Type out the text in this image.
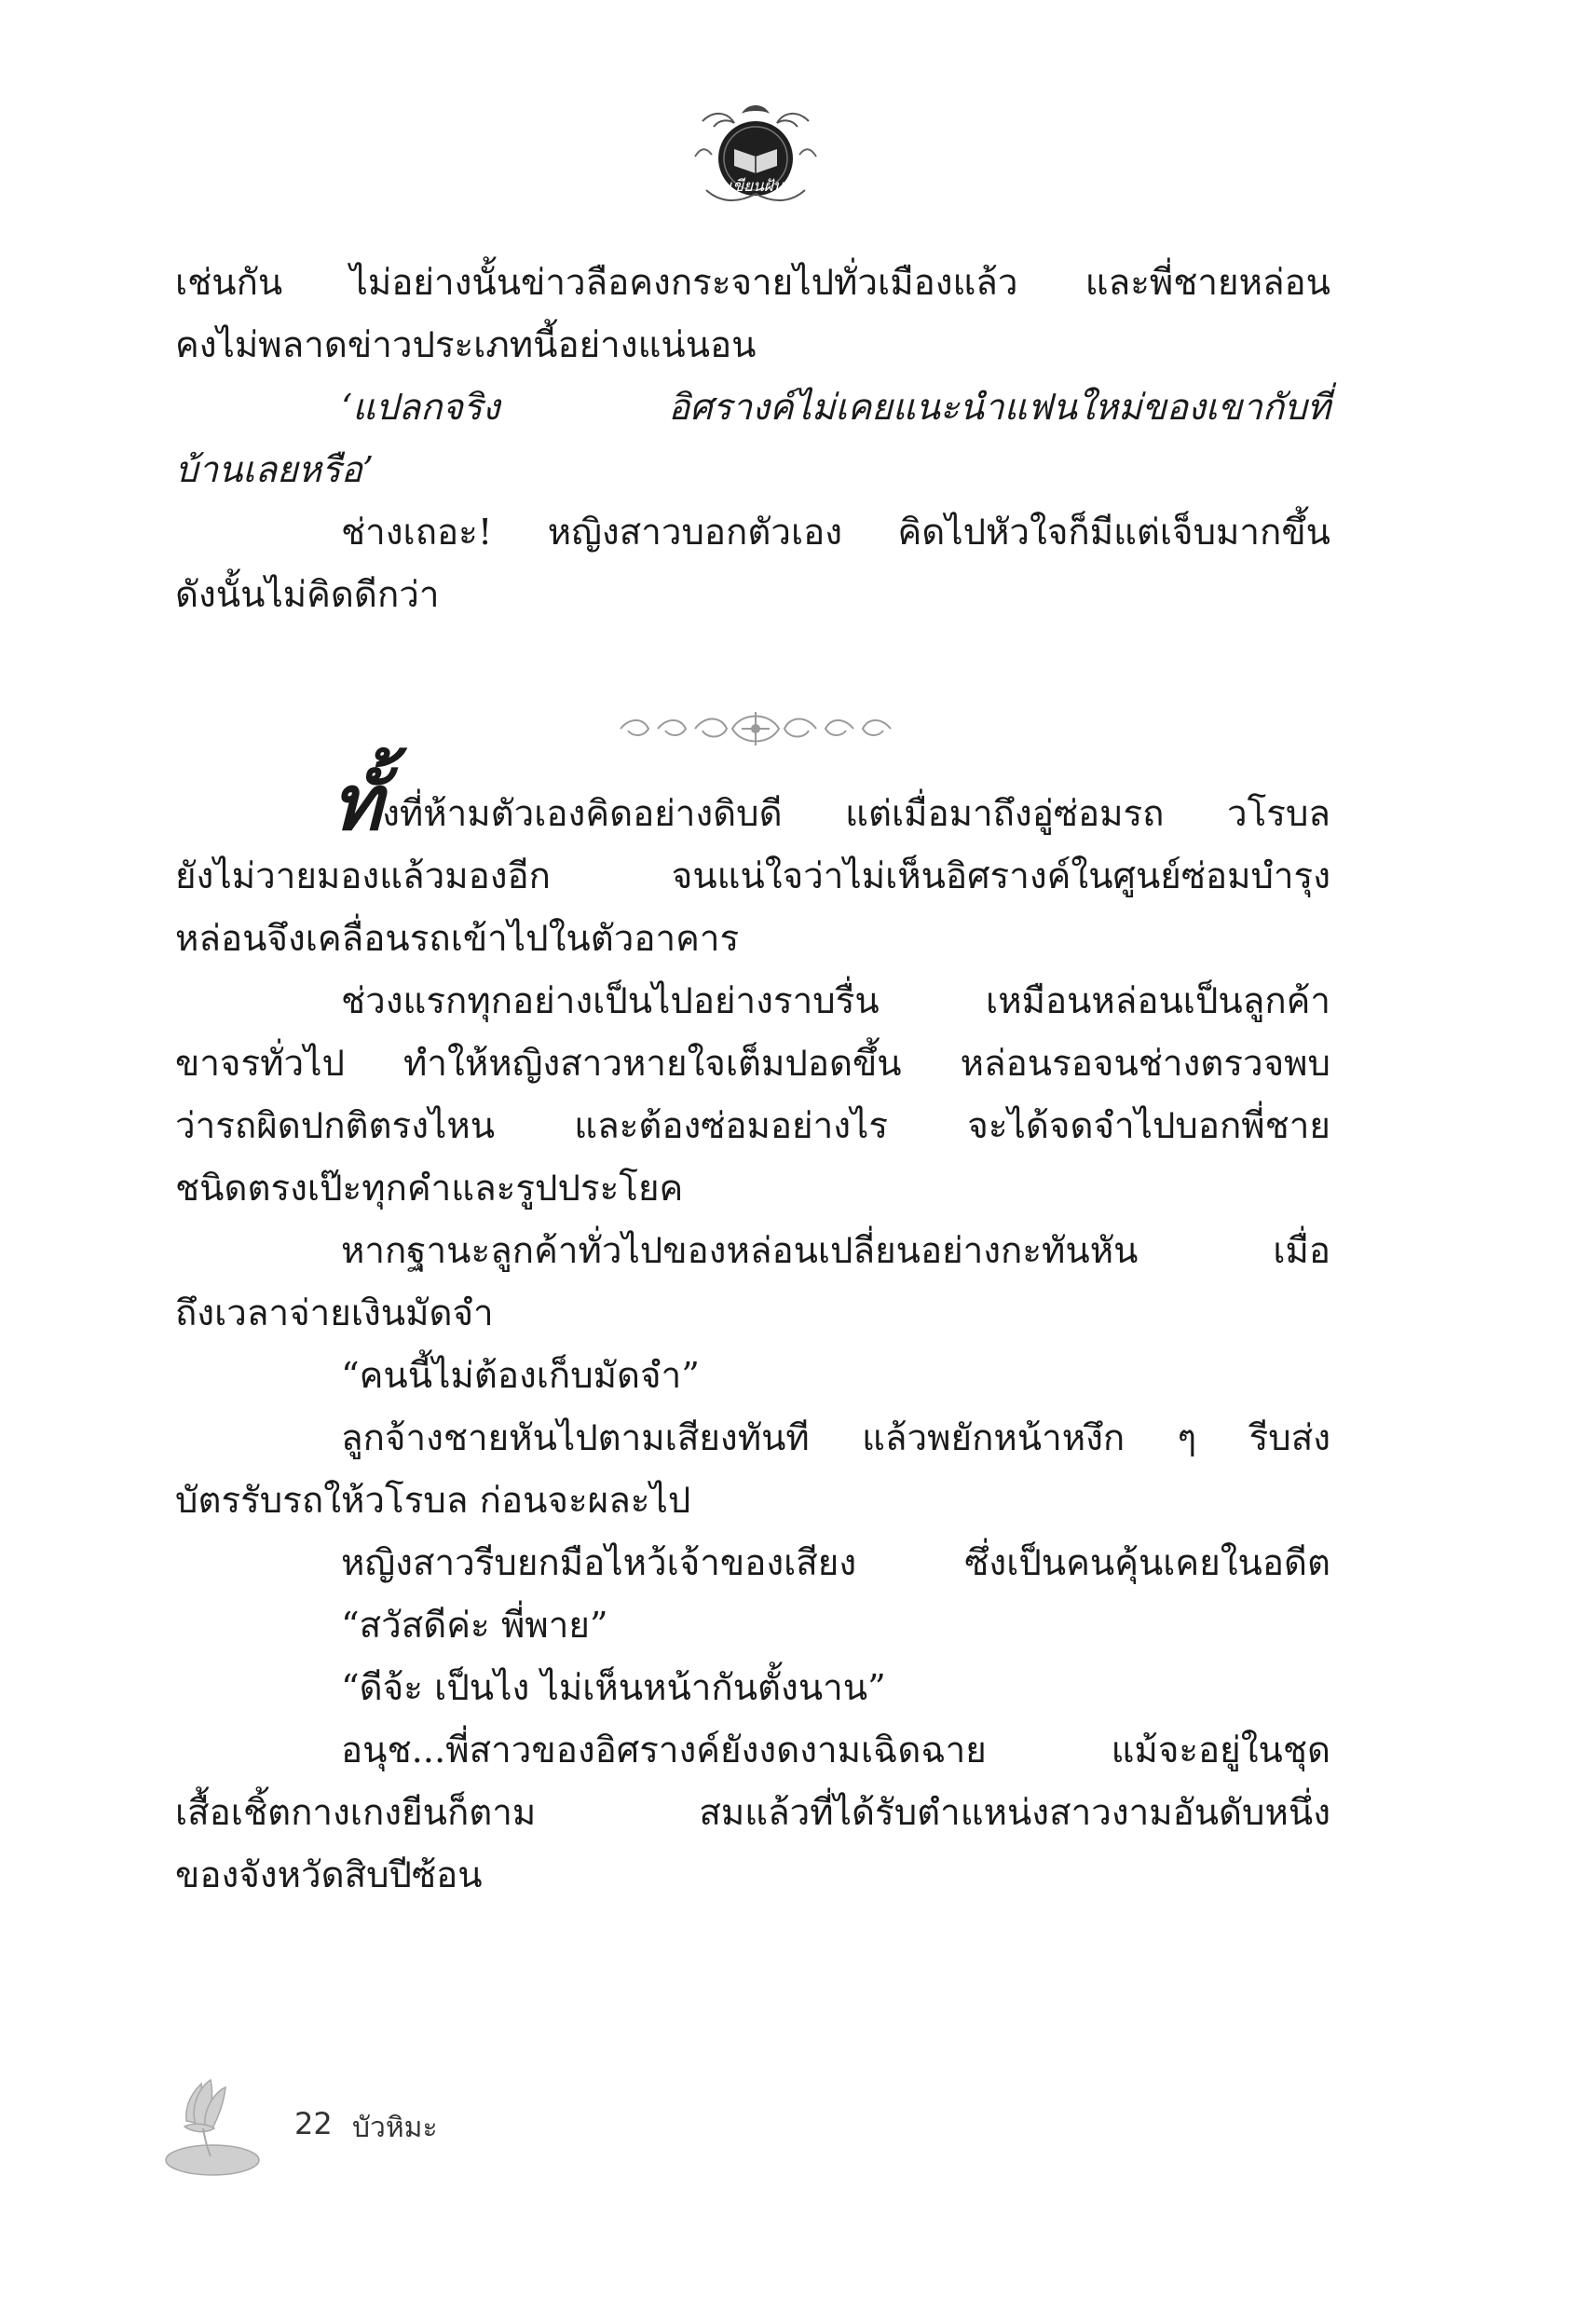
เขียนฝัน

เช่นกัน ไม่อย่างนั้นข่าวลือคงกระจายไปทั่วเมืองแล้ว และพี่ชายหล่อน

คงไม่พลาดข่าวประเภทนี้อย่างแน่นอน

‘แปลกจริง อิศรางค์ไม่เคยแนะนำแฟนใหม่ของเขากับที่

บ้านเลยหรือ’

ช่างเถอะ! หญิงสาวบอกตัวเอง คิดไปหัวใจก็มีแต่เจ็บมากขึ้น

ดังนั้นไม่คิดดีกว่า

ทั้งที่ห้ามตัวเองคิดอย่างดิบดี แต่เมื่อมาถึงอู่ซ่อมรถ วโรบล

ยังไม่วายมองแล้วมองอีก จนแน่ใจว่าไม่เห็นอิศรางค์ในศูนย์ซ่อมบำรุง

หล่อนจึงเคลื่อนรถเข้าไปในตัวอาคาร

ช่วงแรกทุกอย่างเป็นไปอย่างราบรื่น เหมือนหล่อนเป็นลูกค้า

ขาจรทั่วไป ทำให้หญิงสาวหายใจเต็มปอดขึ้น หล่อนรอจนช่างตรวจพบ

ว่ารถผิดปกติตรงไหน และต้องซ่อมอย่างไร จะได้จดจำไปบอกพี่ชาย

ชนิดตรงเป๊ะทุกคำและรูปประโยค

หากฐานะลูกค้าทั่วไปของหล่อนเปลี่ยนอย่างกะทันหัน เมื่อ

ถึงเวลาจ่ายเงินมัดจำ

“คนนี้ไม่ต้องเก็บมัดจำ”

ลูกจ้างชายหันไปตามเสียงทันที แล้วพยักหน้าหงึก ๆ รีบส่ง

บัตรรับรถให้วโรบล ก่อนจะผละไป

หญิงสาวรีบยกมือไหว้เจ้าของเสียง ซึ่งเป็นคนคุ้นเคยในอดีต

“สวัสดีค่ะ พี่พาย”

“ดีจ้ะ เป็นไง ไม่เห็นหน้ากันตั้งนาน”

อนุช...พี่สาวของอิศรางค์ยังงดงามเฉิดฉาย แม้จะอยู่ในชุด

เสื้อเชิ้ตกางเกงยีนก็ตาม สมแล้วที่ได้รับตำแหน่งสาวงามอันดับหนึ่ง

ของจังหวัดสิบปีซ้อน

22 บัวหิมะ
